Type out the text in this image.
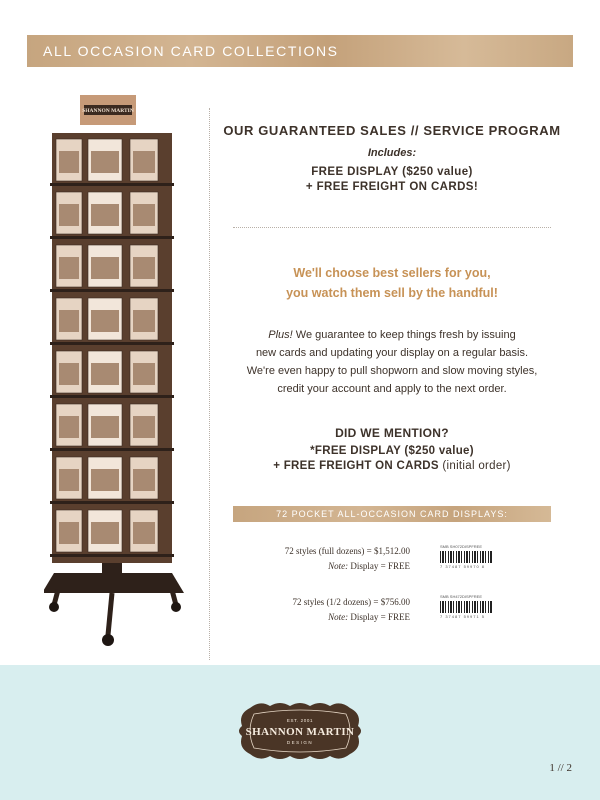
ALL OCCASION CARD COLLECTIONS
SHANNON MARTIN
OUR GUARANTEED SALES // SERVICE PROGRAM
Includes:
FREE DISPLAY ($250 value)
+ FREE FREIGHT ON CARDS!
We'll choose best sellers for you,
you watch them sell by the handful!
Plus! We guarantee to keep things fresh by issuing
new cards and updating your display on a regular basis.
We're even happy to pull shopworn and slow moving styles,
credit your account and apply to the next order.
DID WE MENTION?
*FREE DISPLAY ($250 value)
+ FREE FREIGHT ON CARDS (initial order)
72 POCKET ALL-OCCASION CARD DISPLAYS:
72 styles (full dozens) = $1,512.00
Note: Display = FREE
SMB SH072DISPFREE
7 37487 59970 8
72 styles (1/2 dozens) = $756.00
Note: Display = FREE
SMB SH472DISPFREE
7 37487 59971 5
EST. 2001
SHANNON MARTIN
DESIGN
1 // 2
